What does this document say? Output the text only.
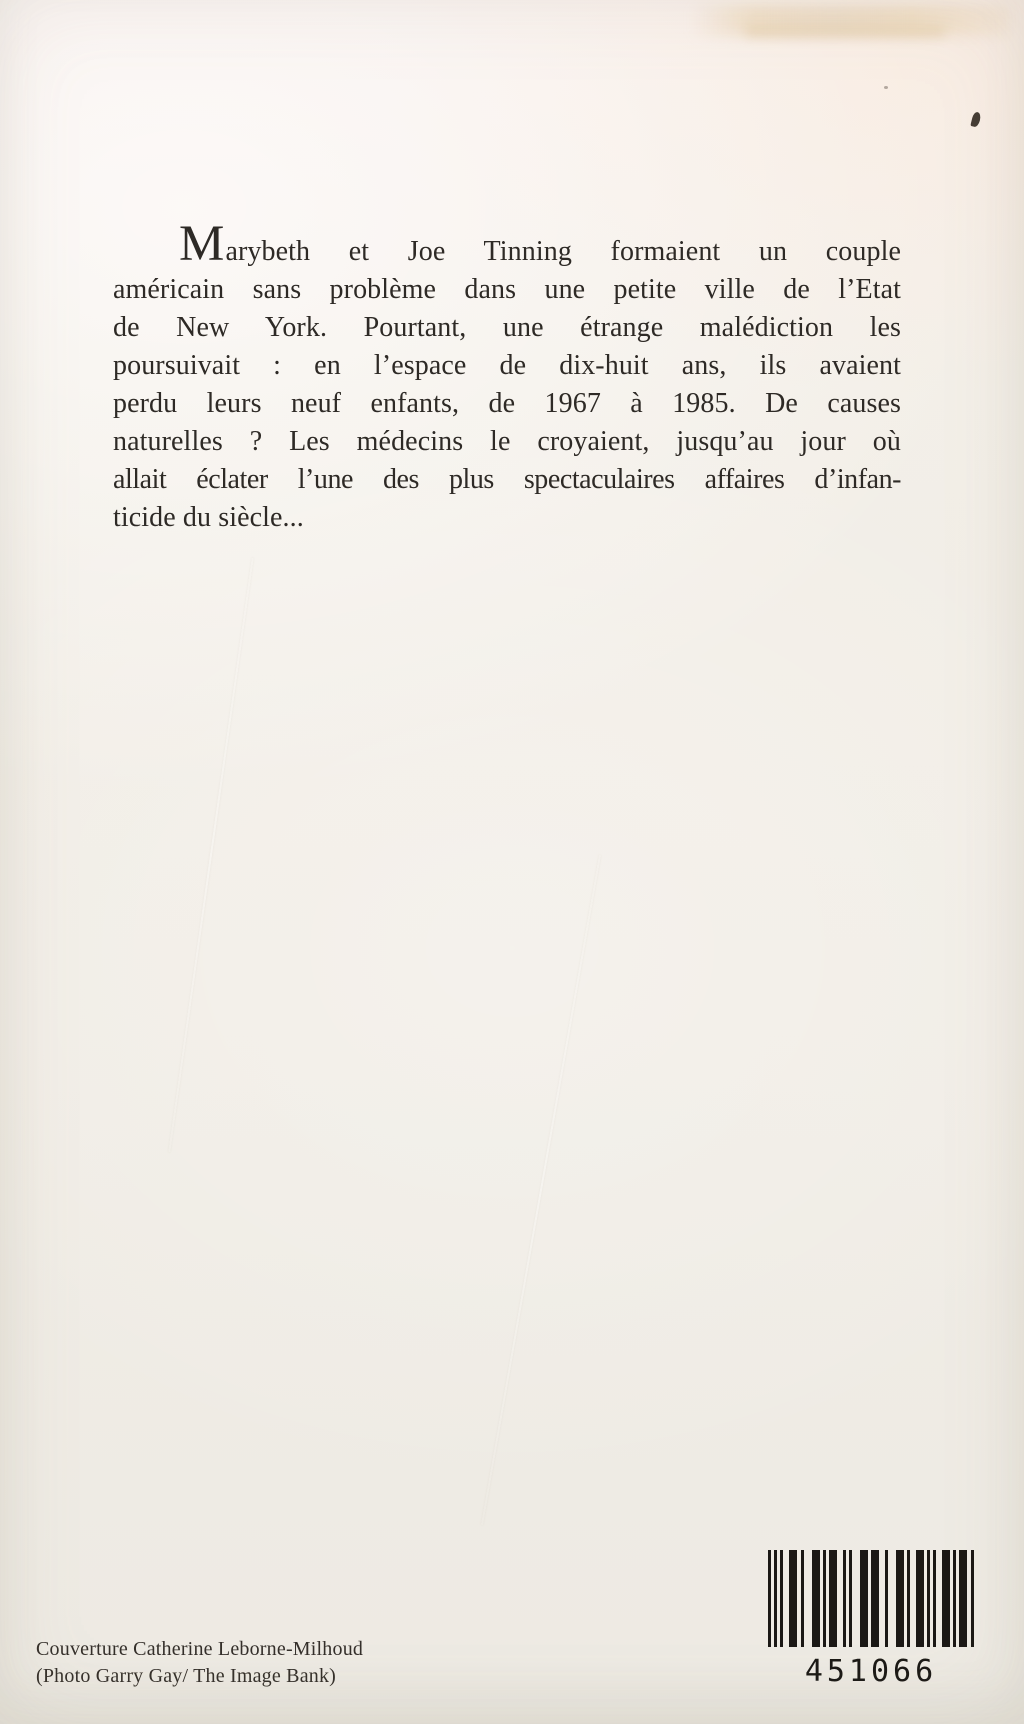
Marybeth et Joe Tinning formaient un couple
américain sans problème dans une petite ville de l’Etat
de New York. Pourtant, une étrange malédiction les
poursuivait : en l’espace de dix-huit ans, ils avaient
perdu leurs neuf enfants, de 1967 à 1985. De causes
naturelles ? Les médecins le croyaient, jusqu’au jour où
allait éclater l’une des plus spectaculaires affaires d’infan-
ticide du siècle...
451066
Couverture Catherine Leborne-Milhoud
(Photo Garry Gay/ The Image Bank)
